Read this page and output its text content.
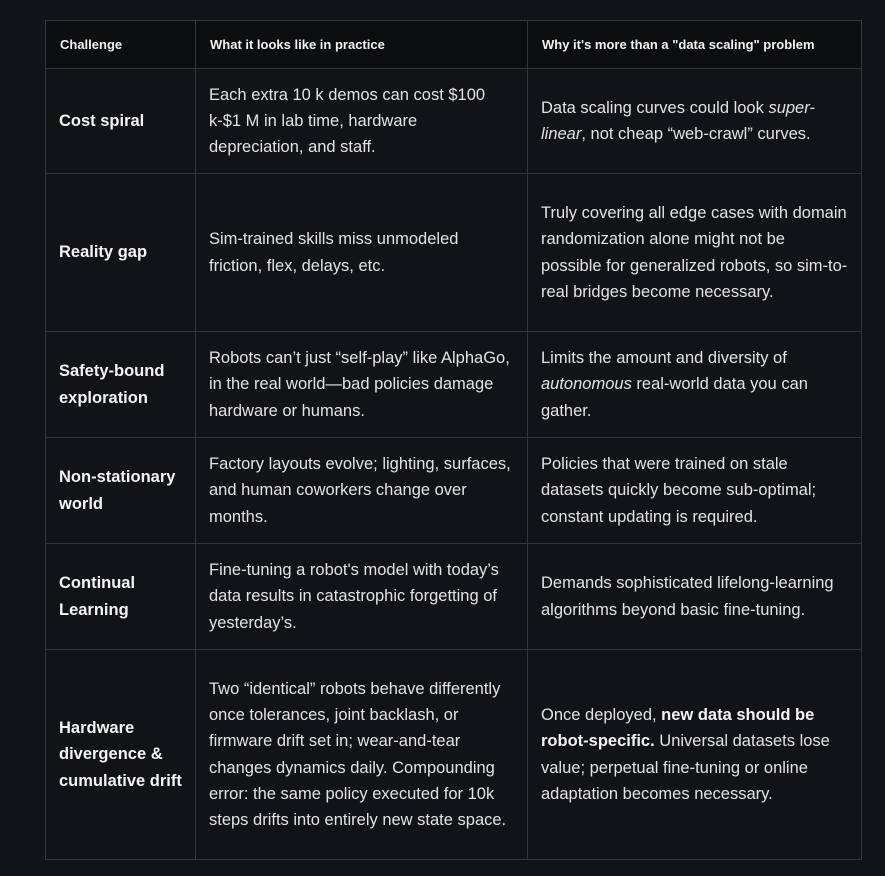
Challenge	What it looks like in practice	Why it's more than a "data scaling" problem
Cost spiral	Each extra 10 k demos can cost $100 k-$1 M in lab time, hardware depreciation, and staff.	Data scaling curves could look super-linear, not cheap “web-crawl” curves.
Reality gap	Sim-trained skills miss unmodeled friction, flex, delays, etc.	Truly covering all edge cases with domain randomization alone might not be possible for generalized robots, so sim-to-real bridges become necessary.
Safety-bound exploration	Robots can’t just “self-play” like AlphaGo, in the real world—bad policies damage hardware or humans.	Limits the amount and diversity of autonomous real-world data you can gather.
Non-stationary world	Factory layouts evolve; lighting, surfaces, and human coworkers change over months.	Policies that were trained on stale datasets quickly become sub-optimal; constant updating is required.
Continual Learning	Fine-tuning a robot's model with today’s data results in catastrophic forgetting of yesterday’s.	Demands sophisticated lifelong-learning algorithms beyond basic fine-tuning.
Hardware divergence & cumulative drift	Two “identical” robots behave differently once tolerances, joint backlash, or firmware drift set in; wear-and-tear changes dynamics daily. Compounding error: the same policy executed for 10k steps drifts into entirely new state space.	Once deployed, new data should be robot-specific. Universal datasets lose value; perpetual fine-tuning or online adaptation becomes necessary.
